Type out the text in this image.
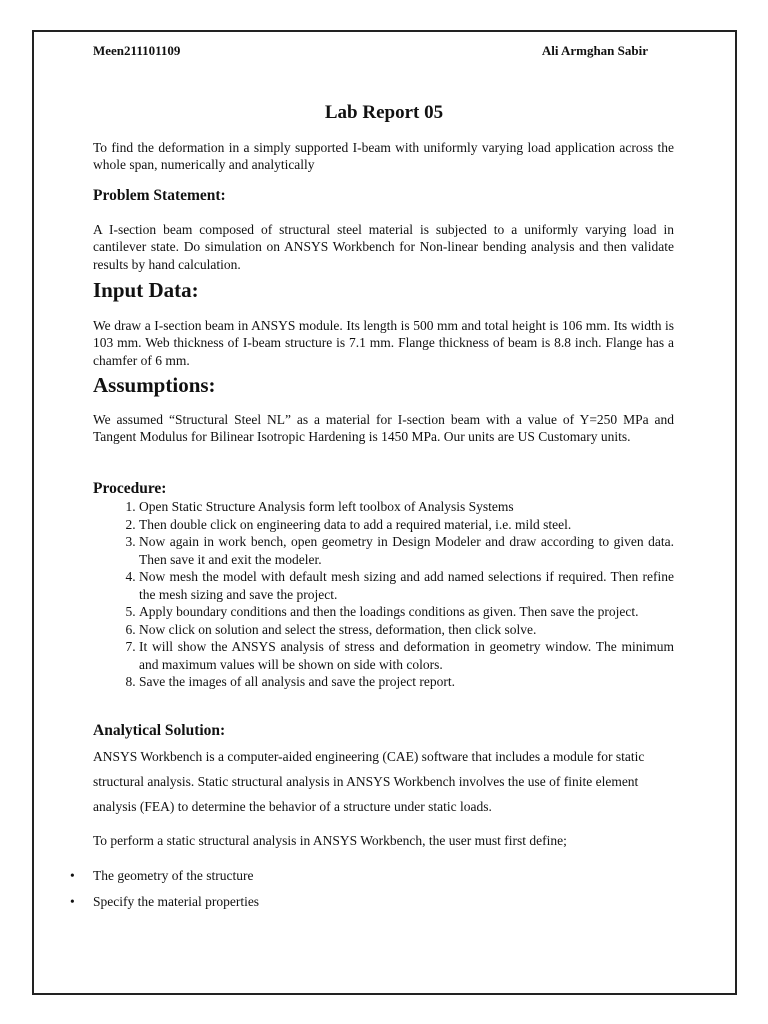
Meen211101109	Ali Armghan Sabir
Lab Report 05
To find the deformation in a simply supported I-beam with uniformly varying load application across the whole span, numerically and analytically
Problem Statement:
A I-section beam composed of structural steel material is subjected to a uniformly varying load in cantilever state. Do simulation on ANSYS Workbench for Non-linear bending analysis and then validate results by hand calculation.
Input Data:
We draw a I-section beam in ANSYS module. Its length is 500 mm and total height is 106 mm. Its width is 103 mm. Web thickness of I-beam structure is 7.1 mm. Flange thickness of beam is 8.8 inch. Flange has a chamfer of 6 mm.
Assumptions:
We assumed “Structural Steel NL” as a material for I-section beam with a value of Y=250 MPa and Tangent Modulus for Bilinear Isotropic Hardening is 1450 MPa. Our units are US Customary units.
Procedure:
1. Open Static Structure Analysis form left toolbox of Analysis Systems
2. Then double click on engineering data to add a required material, i.e. mild steel.
3. Now again in work bench, open geometry in Design Modeler and draw according to given data. Then save it and exit the modeler.
4. Now mesh the model with default mesh sizing and add named selections if required. Then refine the mesh sizing and save the project.
5. Apply boundary conditions and then the loadings conditions as given. Then save the project.
6. Now click on solution and select the stress, deformation, then click solve.
7. It will show the ANSYS analysis of stress and deformation in geometry window. The minimum and maximum values will be shown on side with colors.
8. Save the images of all analysis and save the project report.
Analytical Solution:
ANSYS Workbench is a computer-aided engineering (CAE) software that includes a module for static structural analysis. Static structural analysis in ANSYS Workbench involves the use of finite element analysis (FEA) to determine the behavior of a structure under static loads.
To perform a static structural analysis in ANSYS Workbench, the user must first define;
• The geometry of the structure
• Specify the material properties
